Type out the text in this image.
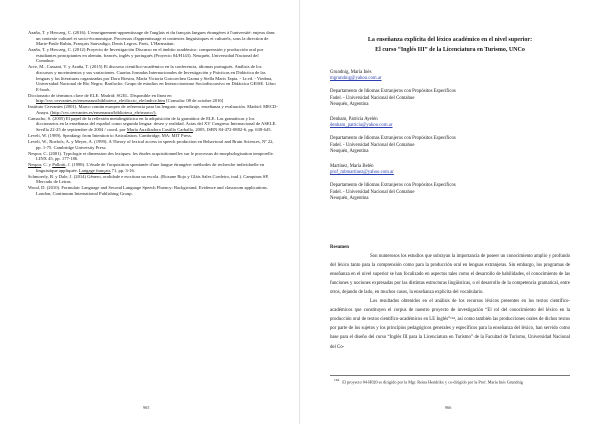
Azaña, T. y Herczeg, C. (2016). L'enseignement-apprentissage de l'anglais et du français langues étrangères à l'université: enjeux dans un contexte culturel et socio-économique. Processus d'apprentissage et contextes linguistiques et culturels, sous la direction de Marie-Paule Rubin, François Sauvadigo, Denis Legros. Paris, L'Harmattan.

Azaña, T. y Herczeg, C. (2012) Proyecto de Investigación Discurso en el ámbito académico: comprensión y producción oral por estudiantes principiantes en alemán, francés, inglés y portugués (Proyecto 04/H143). Neuquén, Universidad Nacional del Comahue.

Arce, M., Cassani, V. y Azaña, T. (2015) El discurso científico-académico en la conferencia, idiomas portugués. Análisis de los discursos y movimientos y sus variaciones. Cuartas Jornadas Internacionales de Investigación y Prácticas en Didáctica de las lenguas y las literaturas organizadas por Dora Riestra, María Victoria Goicoechea Gaona y Stella Maris Tapia. - 1a ed. - Viedma, Universidad Nacional de Río Negro; Bariloche, Grupo de estudios en Interaccionismo Sociodiscursivo en Didáctica GEISE. Libro E-book.

Diccionario de términos clave de ELE. Madrid: SGEL. Disponible en línea en http://cvc.cervantes.es/ensenanza/biblioteca_ele/diccio_ele/indice.htm [Consulta: 08 de octubre 2016]

Instituto Cervantes (2001). Marco común europeo de referencia para las lenguas: aprendizaje, enseñanza y evaluación. Madrid: MECD-Anaya. (http://cvc.cervantes.es/ensenanza/biblioteca_ele/marco/).

Camacho, S. (2005) El papel de la reflexión metalingüística en la adquisición de la gramática de ELE. Las gramáticas y los diccionarios en la enseñanza del español como segunda lengua: deseo y realidad. Actas del XV Congreso Internacional de ASELE. Sevilla 22-25 de septiembre de 2004 / coord. por María Auxiliadora Castillo Carballo, 2005, ISBN 84-472-0882-6, pp. 638-645.

Levelt, W. (1989). Speaking: from Intention to Articulation. Cambridge, MA: MIT Press.

Levelt, W., Roelofs, A. y Meyer, A. (1999). A Theory of lexical access in speech production en Behavioral and Brain Sciences, Nº 22, pp. 1-75. Cambridge University Press.

Nespor, C. (2001). Typologie et dimension des lexiques: les études acquisitionnelles sur le processus de morphologisation temporelle. LINX 45, pp. 177-186.

Nespor, C. y Pallotti, J. (1998). L'étude de l'acquisition spontanée d'une langue étrangère: méthodes de recherche individuelle en linguistique appliquée. Langage français 71, pp. 3-16.

Schmoerly, B. y Dale, J. (2014) Gênero, oralidade e escritura na escola. (Roxane Rojo y Gláis Sales Cordeiro, trad.). Campinas SP, Mercado de Letras.

Wood, D. (2010). Formulaic Language and Second Language Speech Fluency: Background, Evidence and classroom applications. London, Continuum International Publishing Group.

965

La enseñanza explícita del léxico académico en el nivel superior:

El curso “Inglés III” de la Licenciatura en Turismo, UNCo

Grundnig, María Inés

mgrundnig@yahoo.com.ar

Departamento de Idiomas Extranjeros con Propósitos Específicos

Fadel. - Universidad Nacional del Comahue

Neuquén, Argentina

Denham, Patricia Ayelén

denham_patricia@yahoo.com.ar

Departamento de Idiomas Extranjeros con Propósitos Específicos

Fadel. - Universidad Nacional del Comahue

Neuquén, Argentina

Martínez, María Belén

prof_mbmartinez@yahoo.com.ar

Departamento de Idiomas Extranjeros con Propósitos Específicos

Fadel. - Universidad Nacional del Comahue

Neuquén, Argentina

Resumen

Son numerosos los estudios que subrayan la importancia de poseer un conocimiento amplio y profundo del léxico tanto para la comprensión como para la producción oral en lenguas extranjeras. Sin embargo, los programas de enseñanza en el nivel superior se han focalizado en aspectos tales como el desarrollo de habilidades, el conocimiento de las funciones y nociones expresadas por las distintas estructuras lingüísticas, o el desarrollo de la competencia gramatical, entre otros, dejando de lado, en muchos casos, la enseñanza explícita del vocabulario.

Los resultados obtenidos en el análisis de los recursos léxicos presentes en los textos científico-académicos que constituyen el corpus de nuestro proyecto de investigación “El rol del conocimiento del léxico en la producción oral de textos científico-académicos en LE Inglés”¹⁶⁴, así como también las producciones orales de dichos textos por parte de los sujetos y los principios pedagógicos generales y específicos para la enseñanza del léxico, han servido como base para el diseño del curso “Inglés III para la Licenciatura en Turismo” de la Facultad de Turismo, Universidad Nacional del Co-

$^{164}$ El proyecto 04-H020 es dirigido por la Mgr. Reina Hendrikx y co-dirigido por la Prof. María Inés Grundnig

966
